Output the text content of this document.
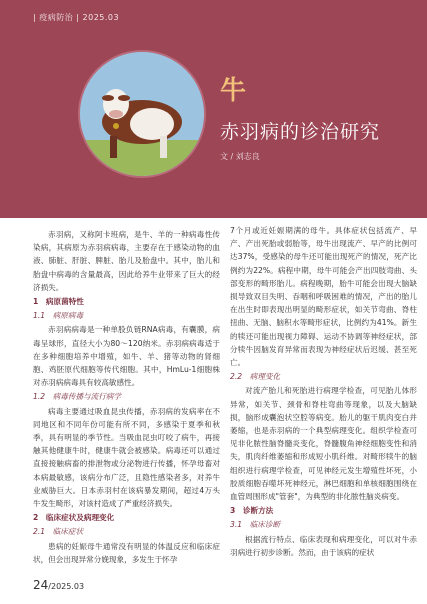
| 疫病防治 | 2025.03
牛
赤羽病的诊治研究
文 / 刘志良

赤羽病，又称阿卡班病，是牛、羊的一种病毒性传染病，其病原为赤羽病病毒，主要存在于感染动物的血液、肺脏、肝脏、脾脏、胎儿及胎盘中。其中，胎儿和胎盘中病毒的含量最高，因此给养牛业带来了巨大的经济损失。

1　病原菌特性
1.1　病原病毒

赤羽病病毒是一种单股负链RNA病毒，有囊膜，病毒呈球形，直径大小为80～120纳米。赤羽病病毒适于在多种细胞培养中增殖，如牛、羊、猪等动物的肾细胞、鸡胚原代细胞等传代细胞。其中，HmLu-1细胞株对赤羽病病毒具有较高敏感性。

1.2　病毒传播与流行病学

病毒主要通过吸血昆虫传播，赤羽病的发病率在不同地区和不同年份可能有所不同，多感染于夏季和秋季，具有明显的季节性。当吸血昆虫叮咬了病牛，再接触其他健康牛时，健康牛就会被感染。病毒还可以通过直接接触病畜的排泄物或分泌物进行传播，怀孕母畜对本病最敏感，该病分布广泛，且隐性感染者多，对养牛业威胁巨大。日本赤羽村在该病暴发期间，超过4万头牛发生畸形，对该村造成了严重经济损失。

2　临床症状及病理变化
2.1　临床症状

患病的妊娠母牛通常没有明显的体温反应和临床症状，但会出现异常分娩现象，多发生于怀孕

7个月或近妊娠期满的母牛。具体症状包括流产、早产、产出死胎或弱胎等，母牛出现流产、早产的比例可达37%，受感染的母牛还可能出现死产的情况，死产比例约为22%。病程中期，母牛可能会产出四肢弯曲、头部变形的畸形胎儿。病程晚期，胎牛可能会出现大脑缺损导致双目失明、吞咽和呼吸困难的情况，产出的胎儿在出生时即表现出明显的畸形症状，如关节弯曲、脊柱扭曲、无脑、脑积水等畸形症状，比例约为41%。新生的犊还可能出现视力障碍、运动不协调等神经症状，部分犊牛因脑发育异常而表现为神经症状后迟缓、甚至死亡。

2.2　病理变化

对流产胎儿和死胎进行病理学检查，可见胎儿体形异常，如关节、颈骨和脊柱弯曲等现象，以及大脑缺损，脑形成囊泡状空腔等病变。胎儿的躯干肌肉变白并萎缩，也是赤羽病的一个典型病理变化。组织学检查可见非化脓性脑脊髓炎变化，脊髓腹角神经细胞变性和消失，肌肉纤维萎缩和形成短小肌纤维。对畸形犊牛的脑组织进行病理学检查，可见神经元发生增殖性坏死，小胶质细胞吞噬坏死神经元，淋巴细胞和单核细胞围绕在血管周围形成"管套"，为典型的非化脓性脑炎病变。

3　诊断方法
3.1　临床诊断

根据流行特点、临床表现和病理变化，可以对牛赤羽病进行初步诊断。然而，由于该病的症状

24/2025.03
